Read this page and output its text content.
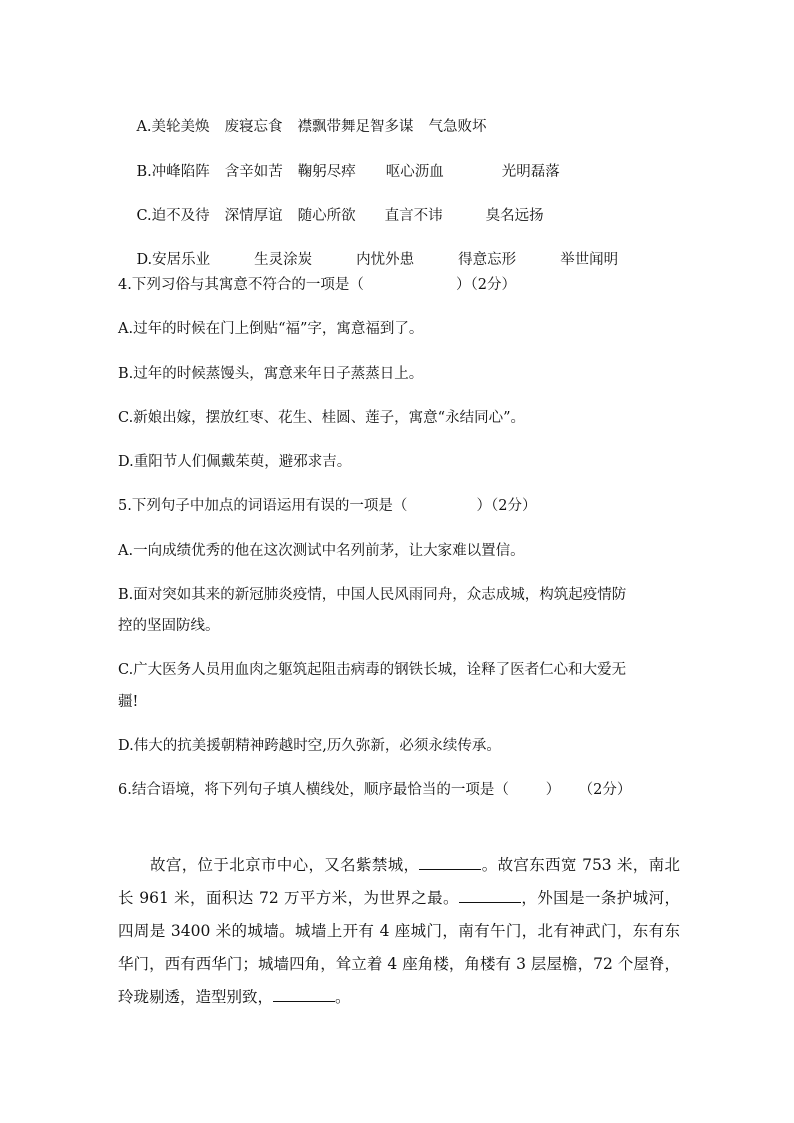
A.美轮美焕 废寝忘食 襟飘带舞足智多谋 气急败坏

B.冲峰陷阵 含辛如苦 鞠躬尽瘁 呕心沥血	光明磊落

C.迫不及待 深情厚谊 随心所欲 直言不讳	臭名远扬

D.安居乐业	生灵涂炭	内忧外患	得意忘形	举世闻明

4.下列习俗与其寓意不符合的一项是（                    ）（2分）
A.过年的时候在门上倒贴“福”字，寓意福到了。
B.过年的时候蒸馒头，寓意来年日子蒸蒸日上。
C.新娘出嫁，摆放红枣、花生、桂圆、莲子，寓意“永结同心”。
D.重阳节人们佩戴茱萸，避邪求吉。
5.下列句子中加点的词语运用有误的一项是（               ）（2分）
A.一向成绩优秀的他在这次测试中名列前茅，让大家难以置信。
B.面对突如其来的新冠肺炎疫情，中国人民风雨同舟，众志成城，构筑起疫情防
控的坚固防线。
C.广大医务人员用血肉之躯筑起阻击病毒的钢铁长城，诠释了医者仁心和大爱无
疆!
D.伟大的抗美援朝精神跨越时空,历久弥新，必须永续传承。
6.结合语境，将下列句子填人横线处，顺序最恰当的一项是（        ）    （2分）
故宫，位于北京市中心，又名紫禁城，	。故宫东西宽 753 米，南北长 961 米，面积达 72 万平方米，为世界之最。	，外国是一条护城河，四周是 3400 米的城墙。城墙上开有 4 座城门，南有午门，北有神武门，东有东华门，西有西华门；城墙四角，耸立着 4 座角楼，角楼有 3 层屋檐，72 个屋脊，玲珑剔透，造型别致，	。
